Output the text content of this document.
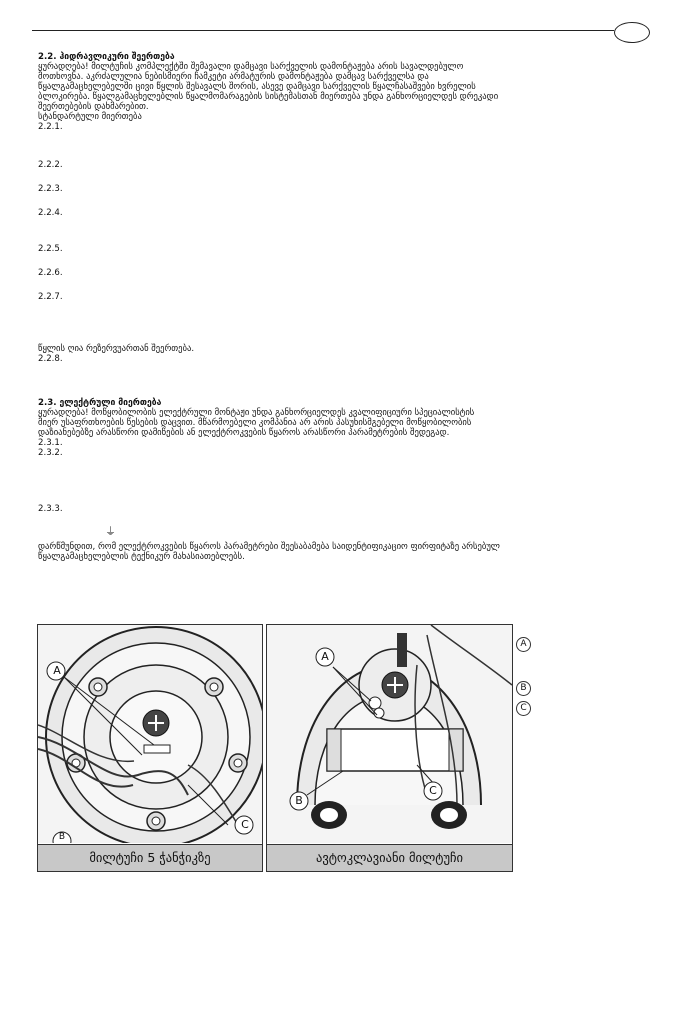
2.2. ჰიდრავლიკური შეერთება
ყურადღება! მილტუჩის კომპლექტში შემავალი დამცავი სარქველის დამონტაჟება არის სავალდებულო
მოთხოვნა. აკრძალულია ნებისმიერი ჩამკეტი არმატურის დამონტაჟება დამცავ სარქველსა და
წყალგამაცხელებელში ცივი წყლის შესავალს შორის, ასევე დამცავი სარქველის წყალჩასაშვები ხვრელის
ბლოკირება. წყალგამაცხელებლის წყალმომარაგების სისტემასთან მიერთება უნდა განხორციელდეს დრეკადი
შეერთებების დახმარებით.
სტანდარტული მიერთება
2.2.1.
2.2.2.
2.2.3.
2.2.4.
2.2.5.
2.2.6.
2.2.7.
წყლის ღია რეზერვუართან შეერთება.
2.2.8.
2.3. ელექტრული მიერთება
ყურადღება! მოწყობილობის ელექტრული მონტაჟი უნდა განხორციელდეს კვალიფიციური სპეციალისტის
მიერ უსაფრთხოების წესების დაცვით. მწარმოებელი კომპანია არ არის პასუხისმგებელი მოწყობილობის
დაზიანებებზე არასწორი დამიწების ან ელექტროკვების წყაროს არასწორი პარამეტრების შედეგად.
2.3.1.
2.3.2.
2.3.3.
⏚
დარწმუნდით, რომ ელექტროკვების წყაროს პარამეტრები შეესაბამება საიდენტიფიკაციო ფირფიტაზე არსებულ
წყალგამაცხელებლის ტექნიკურ მახასიათებლებს.
A
C
B
მილტუჩი 5 ჭანჭიკზე
A
B
C
ავტოკლავიანი მილტუჩი
A
B
C
